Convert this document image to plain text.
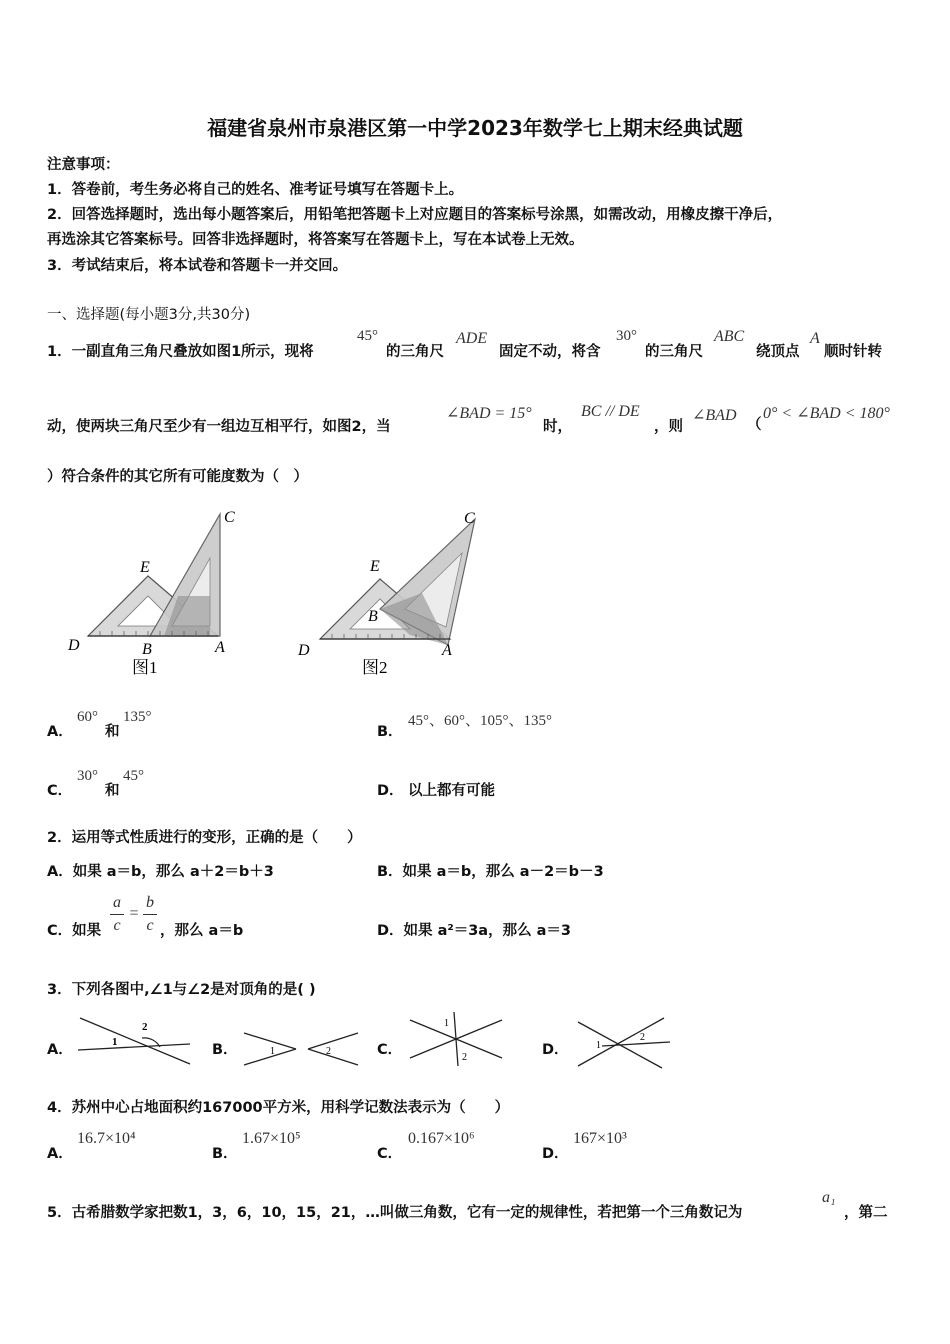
福建省泉州市泉港区第一中学2023年数学七上期末经典试题
注意事项：
1．答卷前，考生务必将自己的姓名、准考证号填写在答题卡上。
2．回答选择题时，选出每小题答案后，用铅笔把答题卡上对应题目的答案标号涂黑，如需改动，用橡皮擦干净后，
再选涂其它答案标号。回答非选择题时，将答案写在答题卡上，写在本试卷上无效。
3．考试结束后，将本试卷和答题卡一并交回。
一、选择题(每小题3分,共30分)
1．一副直角三角尺叠放如图1所示，现将
45°
的三角尺
ADE
固定不动，将含
30°
的三角尺
ABC
绕顶点
A
顺时针转
动，使两块三角尺至少有一组边互相平行，如图2，当
∠BAD = 15°
时，
BC // DE
，则
∠BAD
（
0° < ∠BAD < 180°
）符合条件的其它所有可能度数为（　）
C
E
D	B	A
图1
C
E
B
D	A
图2
A．
60°
和
135°
B．
45°、60°、105°、135°
C．
30°
和
45°
D． 以上都有可能
2．运用等式性质进行的变形，正确的是（　　）
A．如果 a＝b，那么 a＋2＝b＋3	B．如果 a＝b，那么 a－2＝b－3
C．如果
a
c
=
b
c ，那么 a＝b	D．如果 a²＝3a，那么 a＝3
3．下列各图中,∠1与∠2是对顶角的是( )
A．	1
2
B．	1	2	C．
1
2	D．	1
2
4．苏州中心占地面积约167000平方米，用科学记数法表示为（　　）
A．
16.7×10⁴
B．
1.67×10⁵
C．
0.167×10⁶
D．
167×10³
5．古希腊数学家把数1，3，6，10，15，21，…叫做三角数，它有一定的规律性，若把第一个三角数记为
a₁
，第二
